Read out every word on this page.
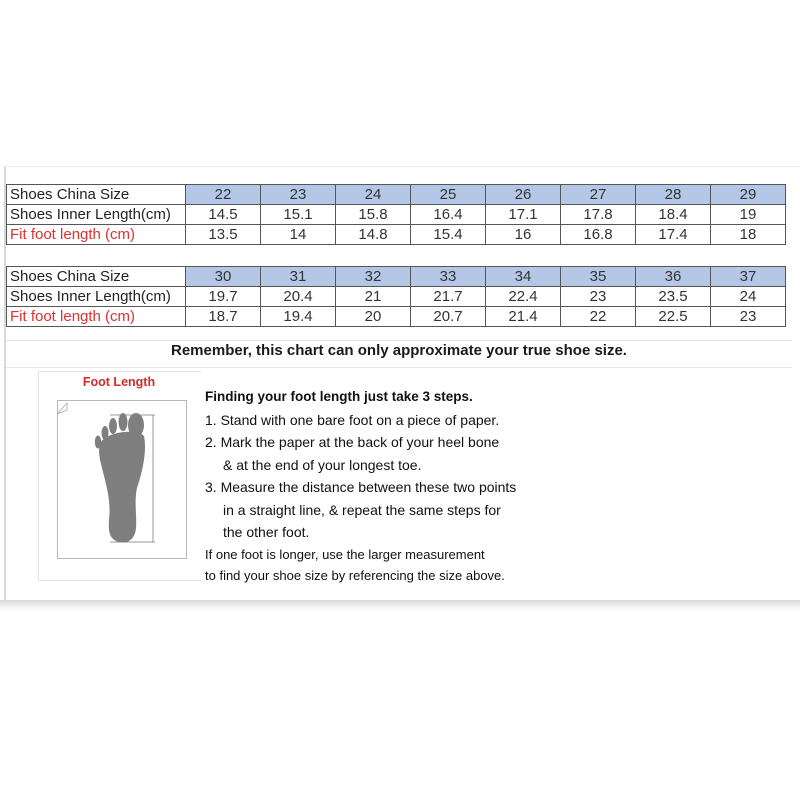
Shoes China Size	22	23	24	25	26	27	28	29
Shoes Inner Length(cm)	14.5	15.1	15.8	16.4	17.1	17.8	18.4	19
Fit foot length (cm)	13.5	14	14.8	15.4	16	16.8	17.4	18
Shoes China Size	30	31	32	33	34	35	36	37
Shoes Inner Length(cm)	19.7	20.4	21	21.7	22.4	23	23.5	24
Fit foot length (cm)	18.7	19.4	20	20.7	21.4	22	22.5	23
Remember, this chart can only approximate your true shoe size.
Foot Length
Finding your foot length just take 3 steps.
1. Stand with one bare foot on a piece of paper.
2. Mark the paper at the back of your heel bone
& at the end of your longest toe.
3. Measure the distance between these two points
in a straight line, & repeat the same steps for
the other foot.
If one foot is longer, use the larger measurement
to find your shoe size by referencing the size above.
